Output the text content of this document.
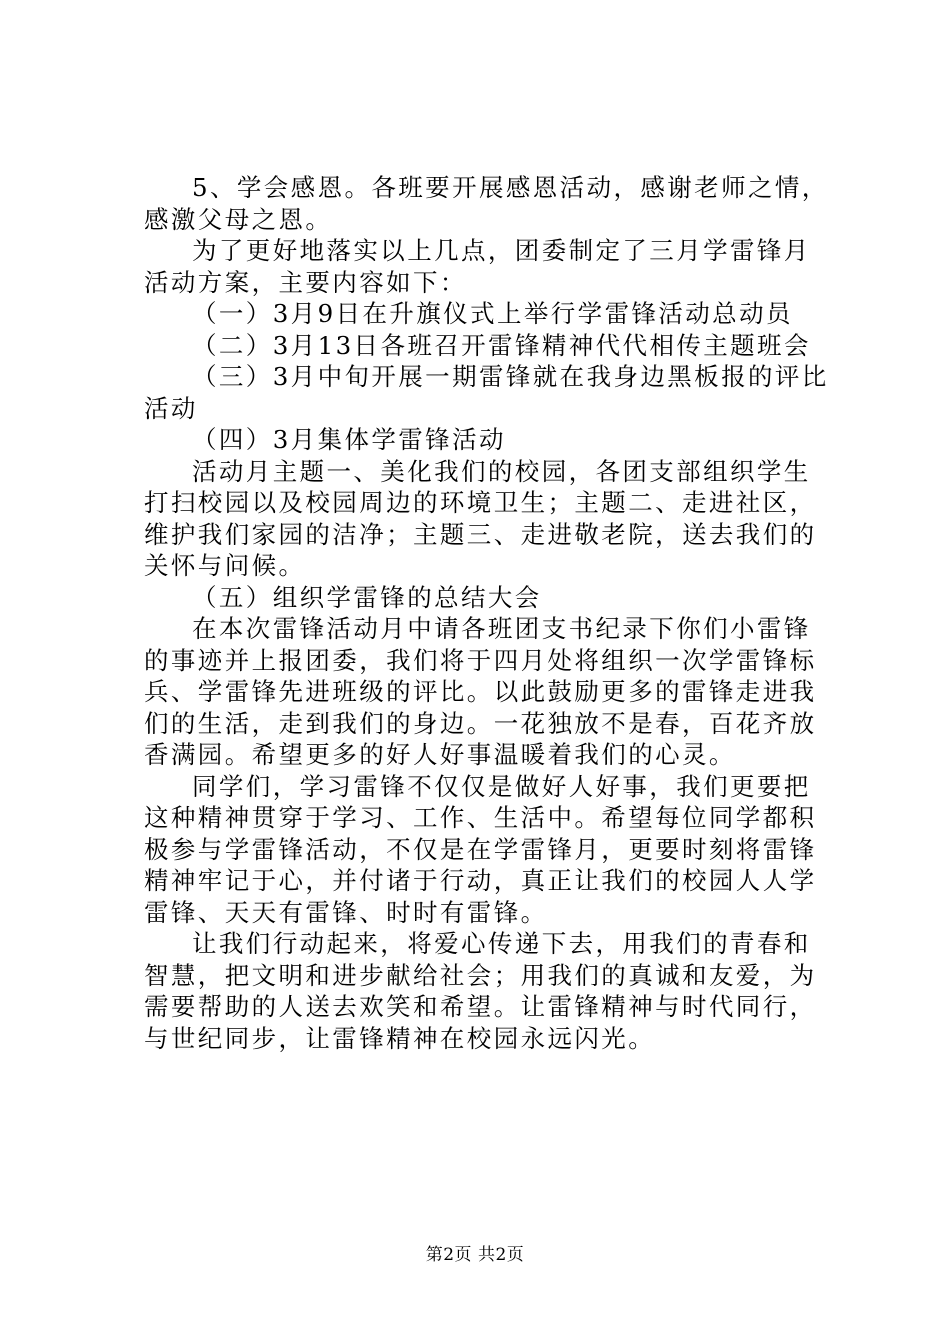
5、学会感恩。各班要开展感恩活动，感谢老师之情，感激父母之恩。

为了更好地落实以上几点，团委制定了三月学雷锋月活动方案，主要内容如下：

（一）3月9日在升旗仪式上举行学雷锋活动总动员

（二）3月13日各班召开雷锋精神代代相传主题班会

（三）3月中旬开展一期雷锋就在我身边黑板报的评比活动

（四）3月集体学雷锋活动

活动月主题一、美化我们的校园，各团支部组织学生打扫校园以及校园周边的环境卫生；主题二、走进社区，维护我们家园的洁净；主题三、走进敬老院，送去我们的关怀与问候。

（五）组织学雷锋的总结大会

在本次雷锋活动月中请各班团支书纪录下你们小雷锋的事迹并上报团委，我们将于四月处将组织一次学雷锋标兵、学雷锋先进班级的评比。以此鼓励更多的雷锋走进我们的生活，走到我们的身边。一花独放不是春，百花齐放香满园。希望更多的好人好事温暖着我们的心灵。

同学们，学习雷锋不仅仅是做好人好事，我们更要把这种精神贯穿于学习、工作、生活中。希望每位同学都积极参与学雷锋活动，不仅是在学雷锋月，更要时刻将雷锋精神牢记于心，并付诸于行动，真正让我们的校园人人学雷锋、天天有雷锋、时时有雷锋。

让我们行动起来，将爱心传递下去，用我们的青春和智慧，把文明和进步献给社会；用我们的真诚和友爱，为需要帮助的人送去欢笑和希望。让雷锋精神与时代同行，与世纪同步，让雷锋精神在校园永远闪光。

第2页 共2页
